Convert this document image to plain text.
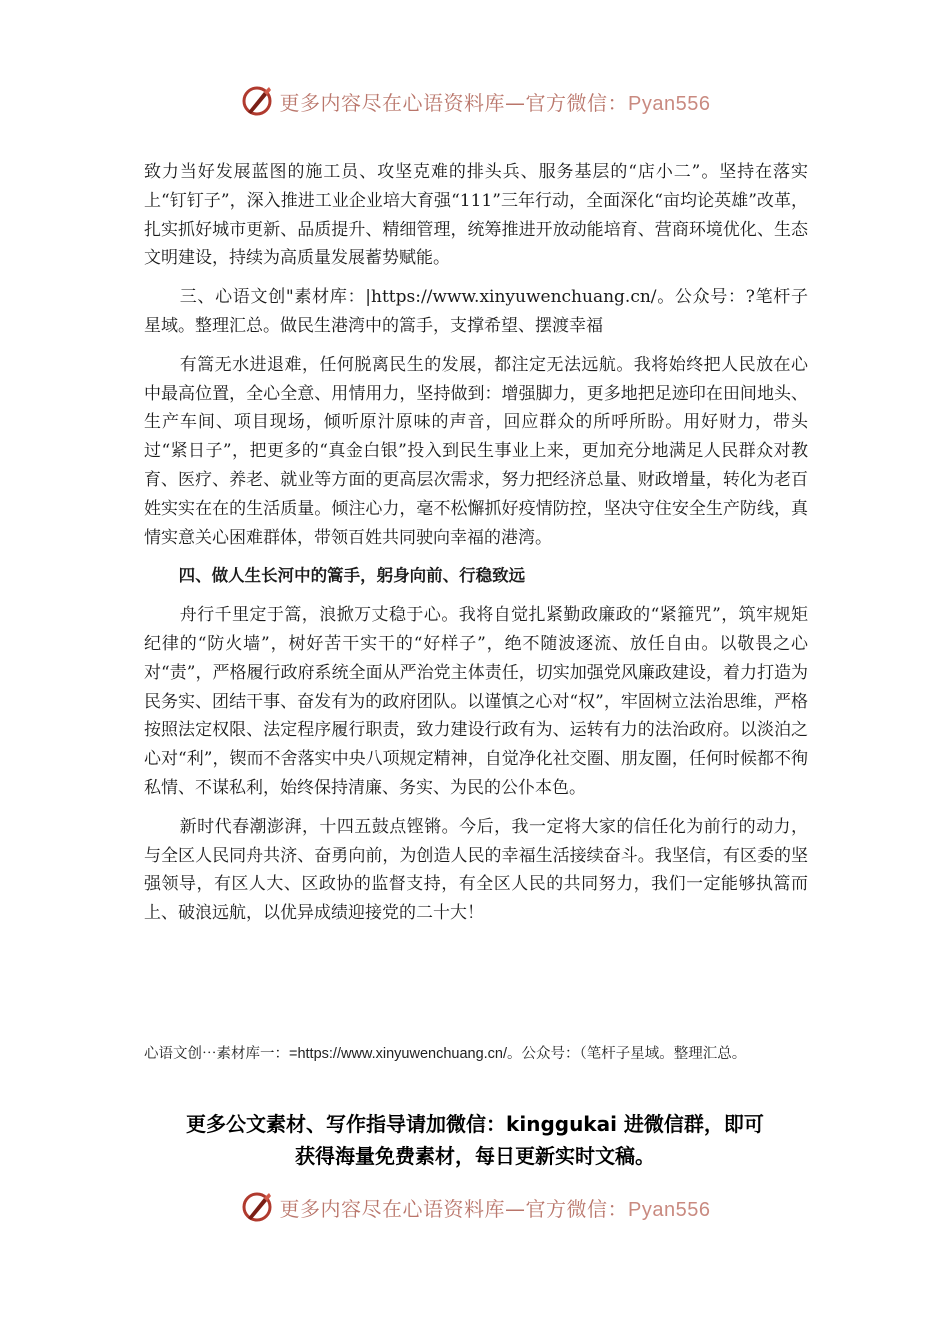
更多内容尽在心语资料库—官方微信：Pyan556

致力当好发展蓝图的施工员、攻坚克难的排头兵、服务基层的“店小二”。坚持在落实上“钉钉子”，深入推进工业企业培大育强“111”三年行动，全面深化“亩均论英雄”改革，扎实抓好城市更新、品质提升、精细管理，统筹推进开放动能培育、营商环境优化、生态文明建设，持续为高质量发展蓄势赋能。

三、心语文创"素材库：|https://www.xinyuwenchuang.cn/。公众号：?笔杆子星域。整理汇总。做民生港湾中的篙手，支撑希望、摆渡幸福

有篙无水进退难，任何脱离民生的发展，都注定无法远航。我将始终把人民放在心中最高位置，全心全意、用情用力，坚持做到：增强脚力，更多地把足迹印在田间地头、生产车间、项目现场，倾听原汁原味的声音，回应群众的所呼所盼。用好财力，带头过“紧日子”，把更多的“真金白银”投入到民生事业上来，更加充分地满足人民群众对教育、医疗、养老、就业等方面的更高层次需求，努力把经济总量、财政增量，转化为老百姓实实在在的生活质量。倾注心力，毫不松懈抓好疫情防控，坚决守住安全生产防线，真情实意关心困难群体，带领百姓共同驶向幸福的港湾。

四、做人生长河中的篙手，躬身向前、行稳致远

舟行千里定于篙，浪掀万丈稳于心。我将自觉扎紧勤政廉政的“紧箍咒”，筑牢规矩纪律的“防火墙”，树好苦干实干的“好样子”，绝不随波逐流、放任自由。以敬畏之心对“责”，严格履行政府系统全面从严治党主体责任，切实加强党风廉政建设，着力打造为民务实、团结干事、奋发有为的政府团队。以谨慎之心对“权”，牢固树立法治思维，严格按照法定权限、法定程序履行职责，致力建设行政有为、运转有力的法治政府。以淡泊之心对“利”，锲而不舍落实中央八项规定精神，自觉净化社交圈、朋友圈，任何时候都不徇私情、不谋私利，始终保持清廉、务实、为民的公仆本色。

新时代春潮澎湃，十四五鼓点铿锵。今后，我一定将大家的信任化为前行的动力，与全区人民同舟共济、奋勇向前，为创造人民的幸福生活接续奋斗。我坚信，有区委的坚强领导，有区人大、区政协的监督支持，有全区人民的共同努力，我们一定能够执篙而上、破浪远航，以优异成绩迎接党的二十大！

心语文创⋯素材库一：=https://www.xinyuwenchuang.cn/。公众号：（笔杆子星域。整理汇总。
更多公文素材、写作指导请加微信：kinggukai 进微信群，即可
获得海量免费素材，每日更新实时文稿。
更多内容尽在心语资料库—官方微信：Pyan556
